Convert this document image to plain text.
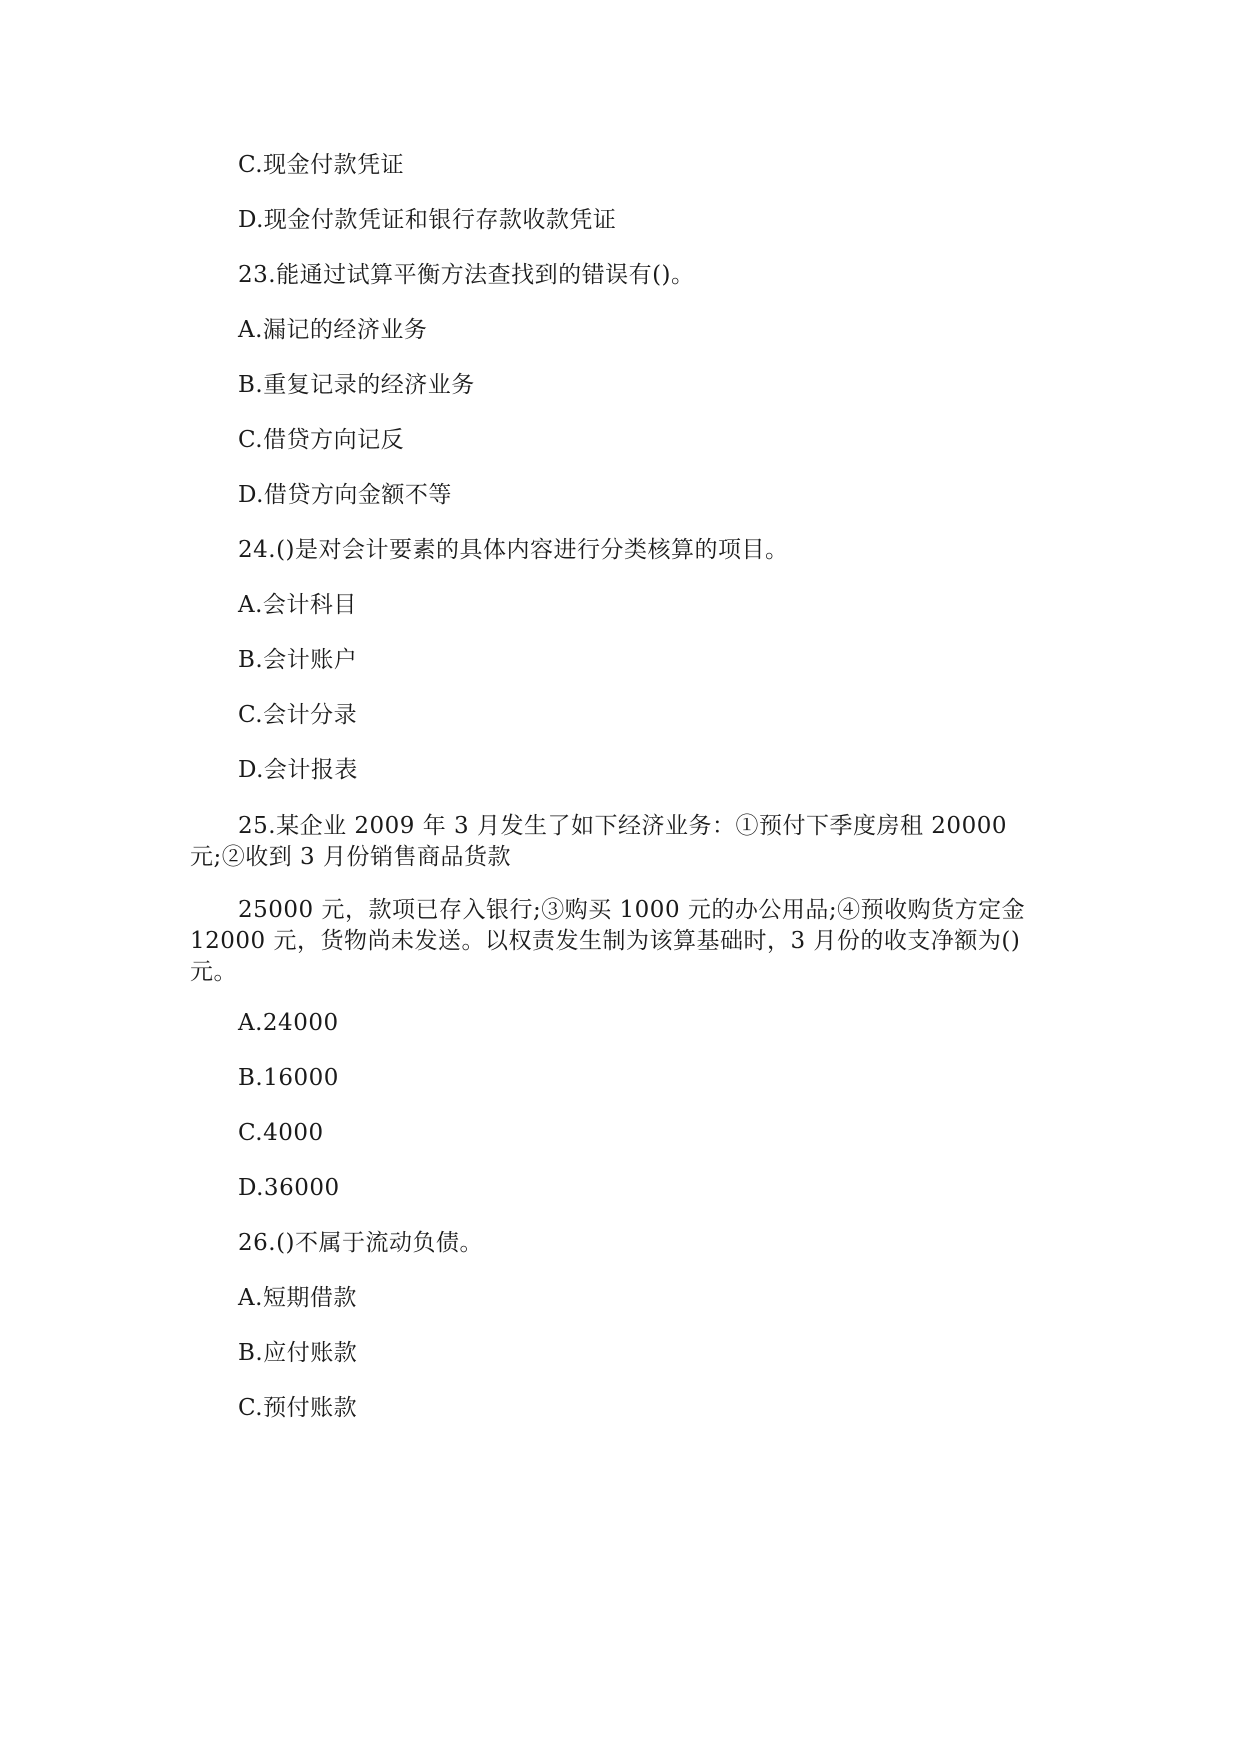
C.现金付款凭证
D.现金付款凭证和银行存款收款凭证
23.能通过试算平衡方法查找到的错误有()。
A.漏记的经济业务
B.重复记录的经济业务
C.借贷方向记反
D.借贷方向金额不等
24.()是对会计要素的具体内容进行分类核算的项目。
A.会计科目
B.会计账户
C.会计分录
D.会计报表
25.某企业 2009 年 3 月发生了如下经济业务：①预付下季度房租 20000 元;②收到 3 月份销售商品货款
25000 元，款项已存入银行;③购买 1000 元的办公用品;④预收购货方定金 12000 元，货物尚未发送。以权责发生制为该算基础时，3 月份的收支净额为()元。
A.24000
B.16000
C.4000
D.36000
26.()不属于流动负债。
A.短期借款
B.应付账款
C.预付账款
